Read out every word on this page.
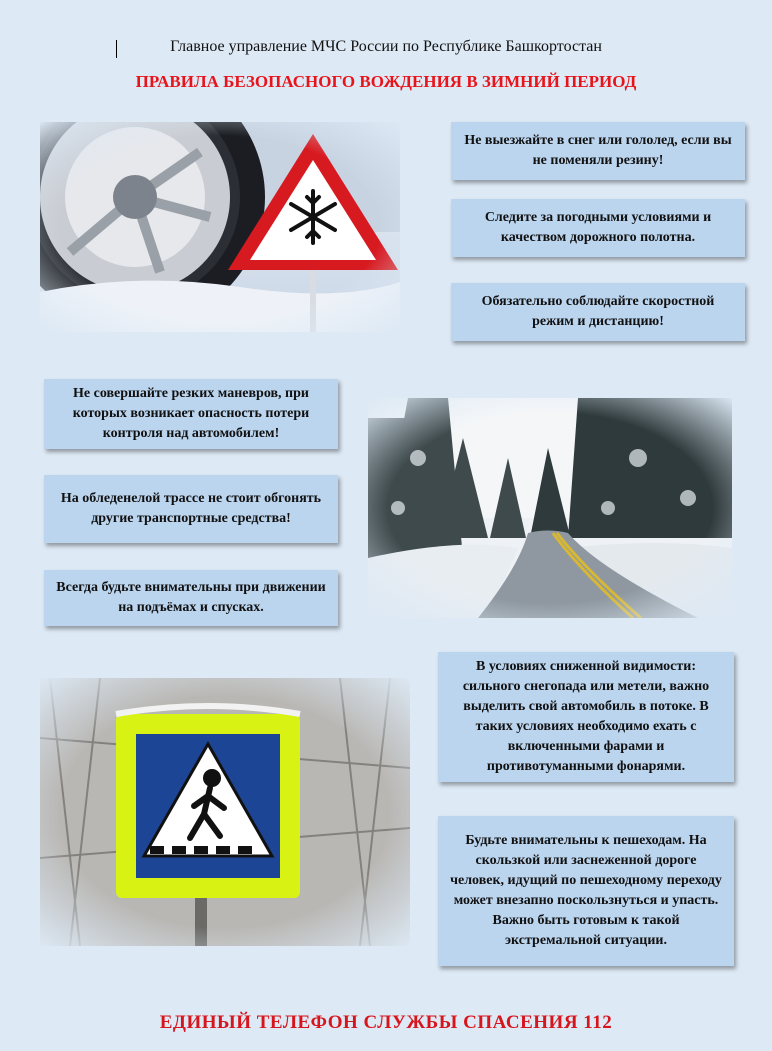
Главное управление МЧС России по Республике Башкортостан
ПРАВИЛА БЕЗОПАСНОГО ВОЖДЕНИЯ В ЗИМНИЙ ПЕРИОД
Не выезжайте в снег или гололед, если вы не поменяли резину!
Следите за погодными условиями и качеством дорожного полотна.
Обязательно соблюдайте скоростной режим и дистанцию!
Не совершайте резких маневров, при которых возникает опасность потери контроля над автомобилем!
На обледенелой трассе не стоит обгонять другие транспортные средства!
Всегда будьте внимательны при движении на подъёмах и спусках.
В условиях сниженной видимости: сильного снегопада или метели, важно выделить свой автомобиль в потоке. В таких условиях необходимо ехать с включенными фарами и противотуманными фонарями.
Будьте внимательны к пешеходам. На скользкой или заснеженной дороге человек, идущий по пешеходному переходу может внезапно поскользнуться и упасть. Важно быть готовым к такой экстремальной ситуации.
ЕДИНЫЙ ТЕЛЕФОН СЛУЖБЫ СПАСЕНИЯ 112
